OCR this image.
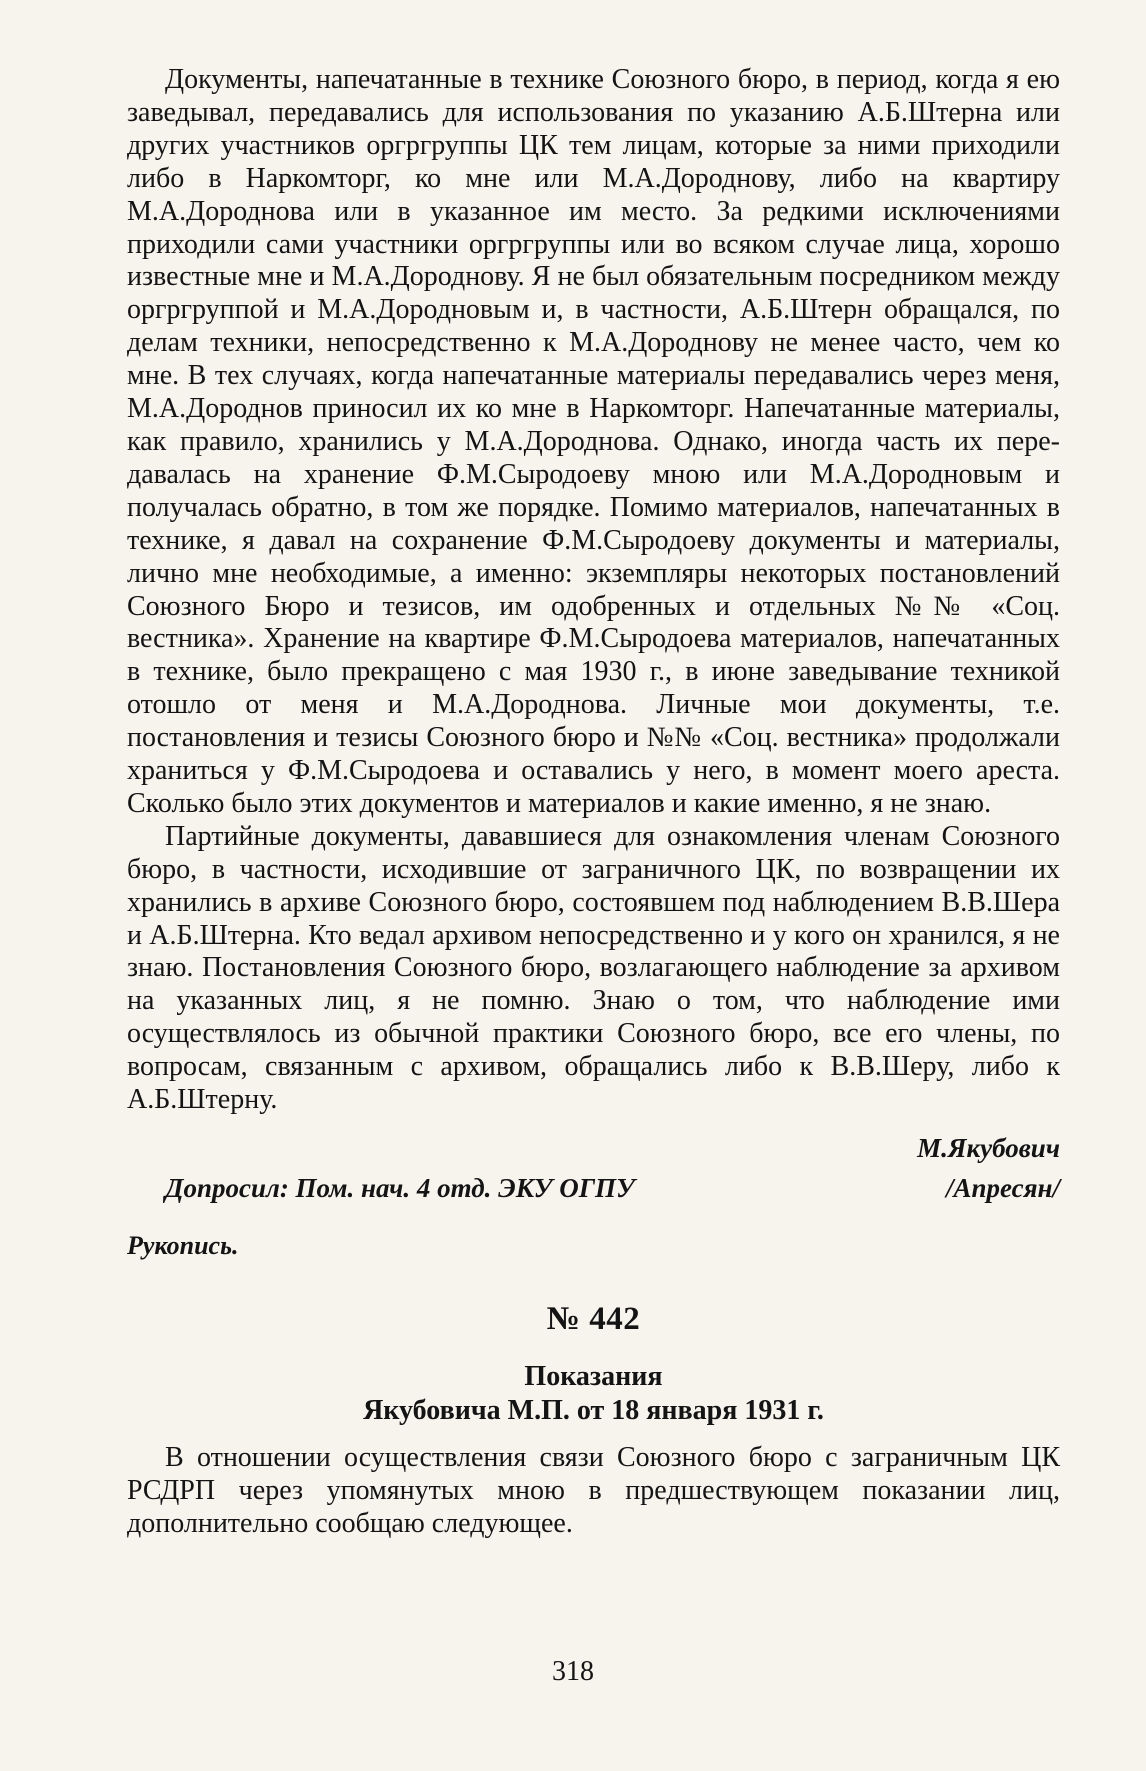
Документы, напечатанные в технике Союзного бюро, в период, когда я ею заведывал, передавались для использования по указанию А.Б.Штерна или других участников оргргруппы ЦК тем лицам, которые за ними приходили либо в Наркомторг, ко мне или М.А.Дороднову, либо на квартиру М.А.Дороднова или в указанное им место. За редкими исключениями приходили сами участники оргргруппы или во всяком случае лица, хорошо известные мне и М.А.Дороднову. Я не был обязательным посредником между оргргруппой и М.А.Дородновым и, в частности, А.Б.Штерн обращался, по делам техники, непосредственно к М.А.Дороднову не менее часто, чем ко мне. В тех случаях, когда напечатанные материалы передавались через меня, М.А.Дороднов приносил их ко мне в Наркомторг. Напечатанные материалы, как правило, хранились у М.А.Дороднова. Однако, иногда часть их передавалась на хранение Ф.М.Сыродоеву мною или М.А.Дородновым и получалась обратно, в том же порядке. Помимо материалов, напечатанных в технике, я давал на сохранение Ф.М.Сыродоеву документы и материалы, лично мне необходимые, а именно: экземпляры некоторых постановлений Союзного Бюро и тезисов, им одобренных и отдельных №№ «Соц. вестника». Хранение на квартире Ф.М.Сыродоева материалов, напечатанных в технике, было прекращено с мая 1930 г., в июне заведывание техникой отошло от меня и М.А.Дороднова. Личные мои документы, т.е. постановления и тезисы Союзного бюро и №№ «Соц. вестника» продолжали храниться у Ф.М.Сыродоева и оставались у него, в момент моего ареста. Сколько было этих документов и материалов и какие именно, я не знаю.

Партийные документы, дававшиеся для ознакомления членам Союзного бюро, в частности, исходившие от заграничного ЦК, по возвращении их хранились в архиве Союзного бюро, состоявшем под наблюдением В.В.Шера и А.Б.Штерна. Кто ведал архивом непосредственно и у кого он хранился, я не знаю. Постановления Союзного бюро, возлагающего наблюдение за архивом на указанных лиц, я не помню. Знаю о том, что наблюдение ими осуществлялось из обычной практики Союзного бюро, все его члены, по вопросам, связанным с архивом, обращались либо к В.В.Шеру, либо к А.Б.Штерну.

М.Якубович
Допросил: Пом. нач. 4 отд. ЭКУ ОГПУ	/Апресян/
Рукопись.
№ 442
Показания
Якубовича М.П. от 18 января 1931 г.

В отношении осуществления связи Союзного бюро с заграничным ЦК РСДРП через упомянутых мною в предшествующем показании лиц, дополнительно сообщаю следующее.

318
